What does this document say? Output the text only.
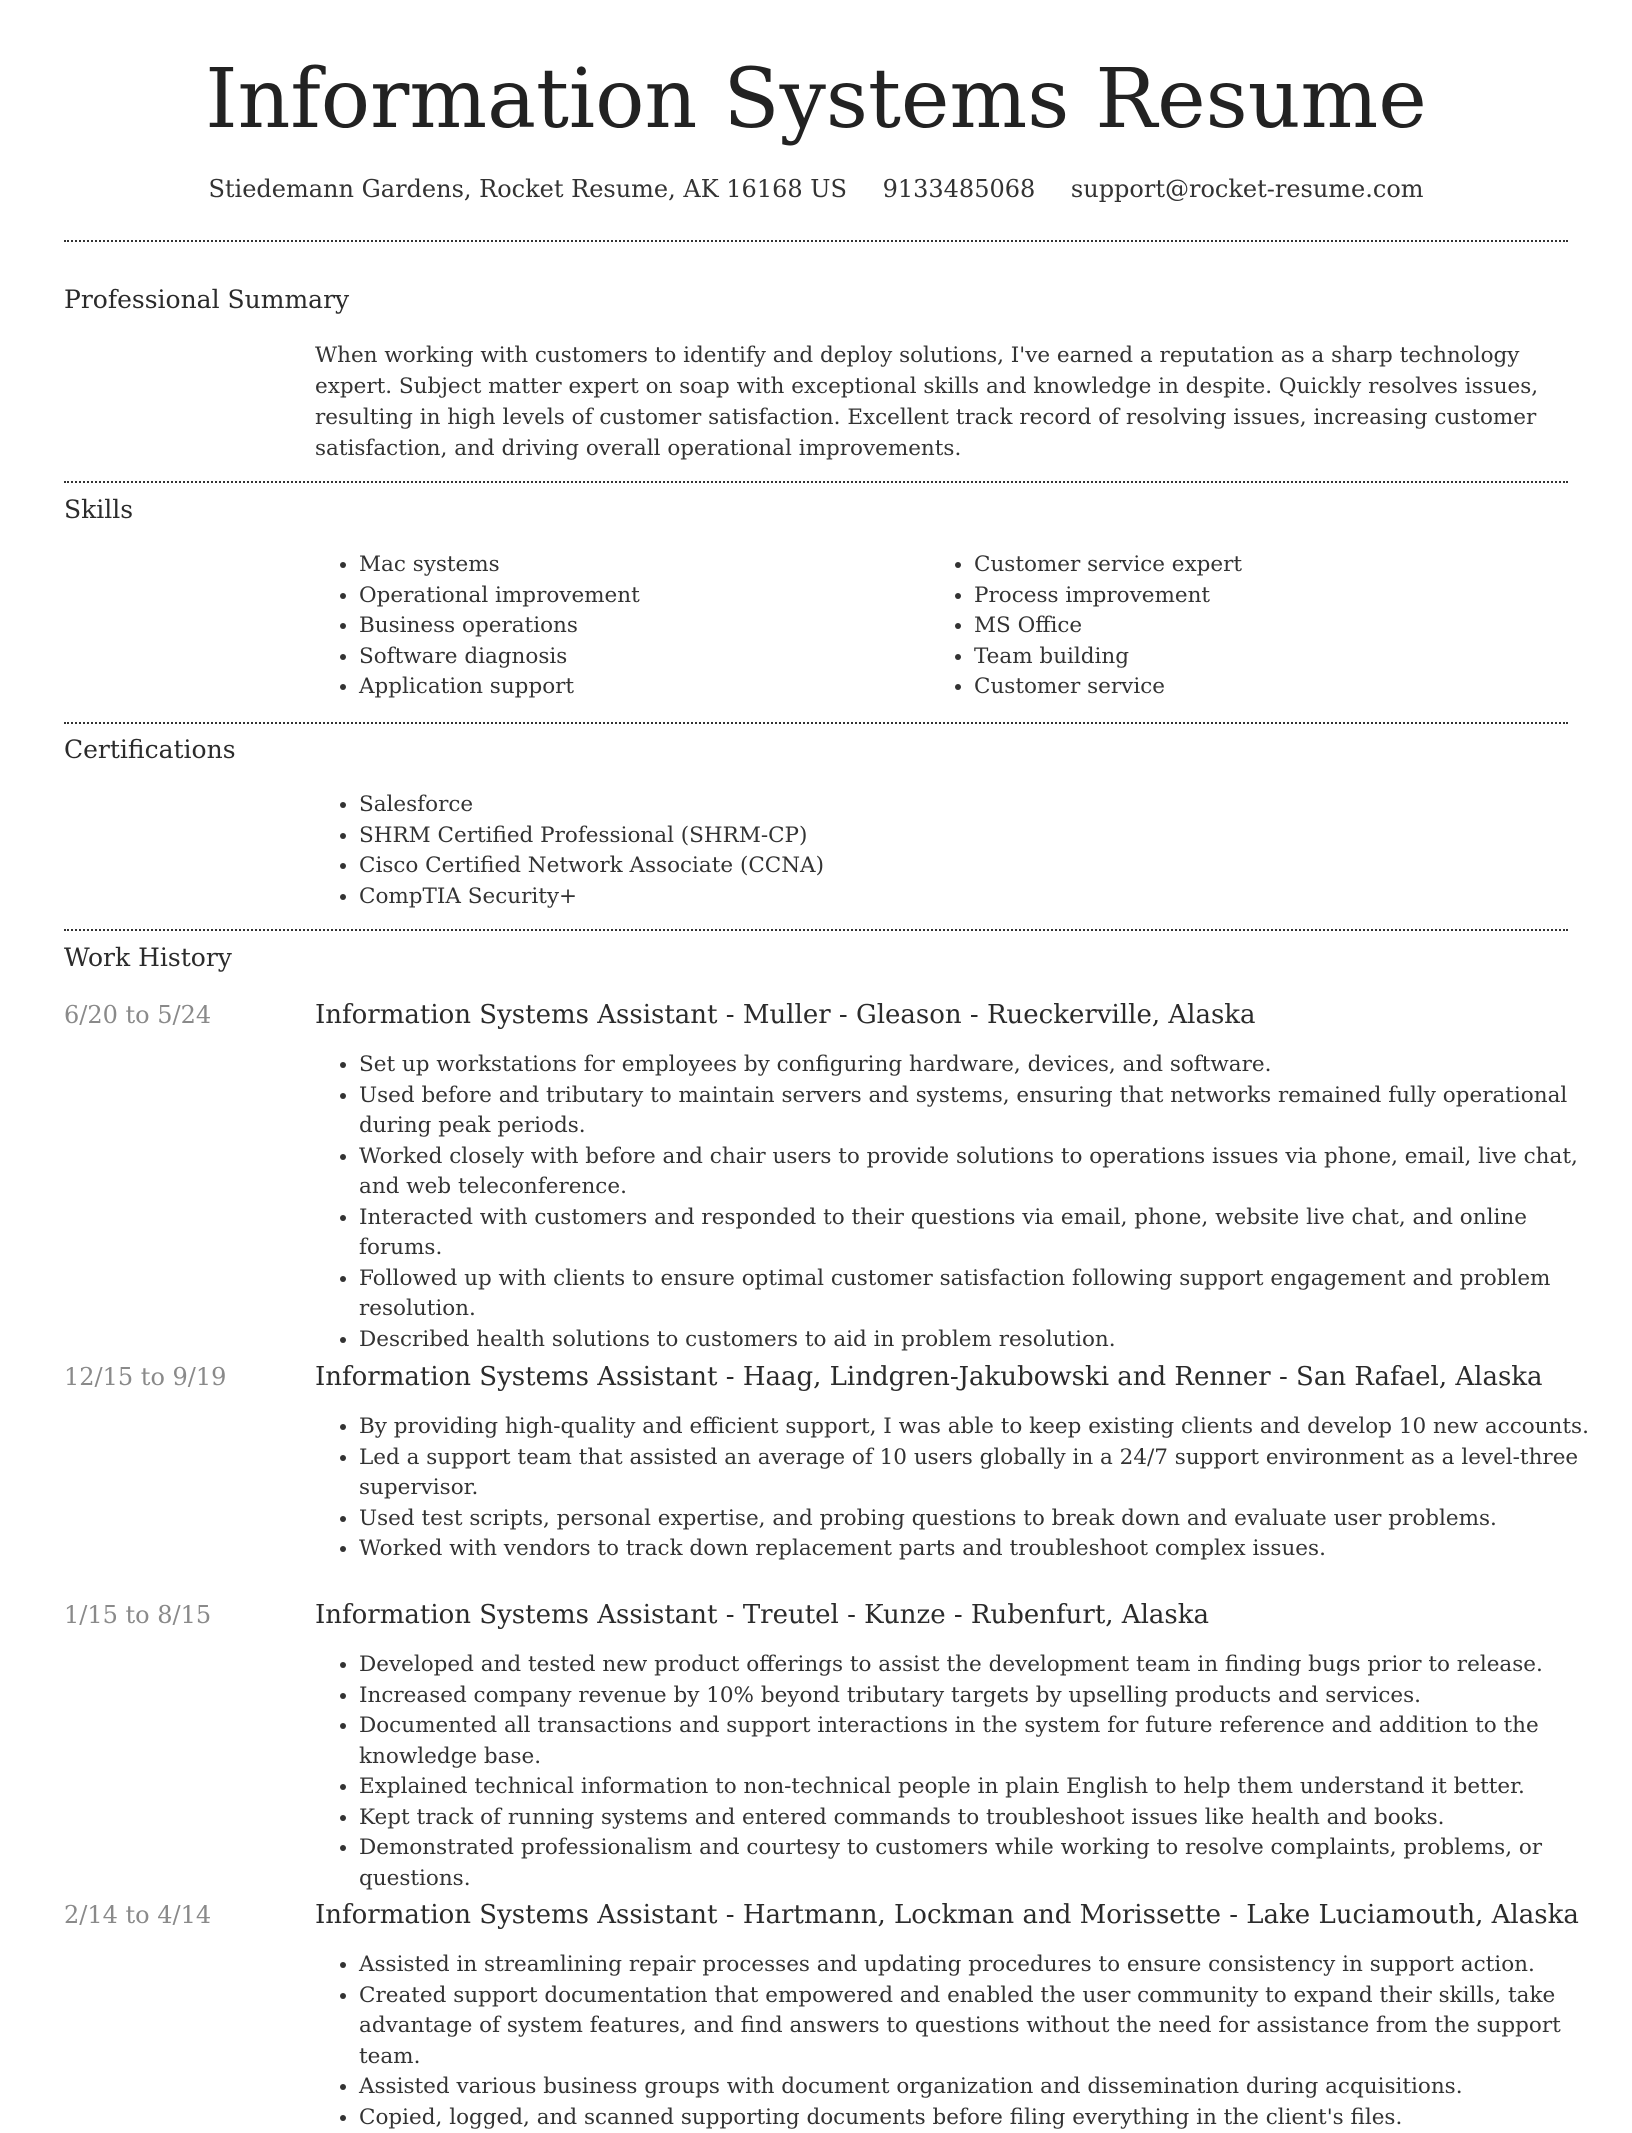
Information Systems Resume
Stiedemann Gardens, Rocket Resume, AK 16168 US 9133485068 support@rocket-resume.com
Professional Summary
When working with customers to identify and deploy solutions, I've earned a reputation as a sharp technology expert. Subject matter expert on soap with exceptional skills and knowledge in despite. Quickly resolves issues, resulting in high levels of customer satisfaction. Excellent track record of resolving issues, increasing customer satisfaction, and driving overall operational improvements.
Skills
• Mac systems
• Operational improvement
• Business operations
• Software diagnosis
• Application support
• Customer service expert
• Process improvement
• MS Office
• Team building
• Customer service
Certifications
• Salesforce
• SHRM Certified Professional (SHRM-CP)
• Cisco Certified Network Associate (CCNA)
• CompTIA Security+
Work History
6/20 to 5/24	Information Systems Assistant - Muller - Gleason - Rueckerville, Alaska
• Set up workstations for employees by configuring hardware, devices, and software.
• Used before and tributary to maintain servers and systems, ensuring that networks remained fully operational during peak periods.
• Worked closely with before and chair users to provide solutions to operations issues via phone, email, live chat, and web teleconference.
• Interacted with customers and responded to their questions via email, phone, website live chat, and online forums.
• Followed up with clients to ensure optimal customer satisfaction following support engagement and problem resolution.
• Described health solutions to customers to aid in problem resolution.
12/15 to 9/19	Information Systems Assistant - Haag, Lindgren-Jakubowski and Renner - San Rafael, Alaska
• By providing high-quality and efficient support, I was able to keep existing clients and develop 10 new accounts.
• Led a support team that assisted an average of 10 users globally in a 24/7 support environment as a level-three supervisor.
• Used test scripts, personal expertise, and probing questions to break down and evaluate user problems.
• Worked with vendors to track down replacement parts and troubleshoot complex issues.
1/15 to 8/15	Information Systems Assistant - Treutel - Kunze - Rubenfurt, Alaska
• Developed and tested new product offerings to assist the development team in finding bugs prior to release.
• Increased company revenue by 10% beyond tributary targets by upselling products and services.
• Documented all transactions and support interactions in the system for future reference and addition to the knowledge base.
• Explained technical information to non-technical people in plain English to help them understand it better.
• Kept track of running systems and entered commands to troubleshoot issues like health and books.
• Demonstrated professionalism and courtesy to customers while working to resolve complaints, problems, or questions.
2/14 to 4/14	Information Systems Assistant - Hartmann, Lockman and Morissette - Lake Luciamouth, Alaska
• Assisted in streamlining repair processes and updating procedures to ensure consistency in support action.
• Created support documentation that empowered and enabled the user community to expand their skills, take advantage of system features, and find answers to questions without the need for assistance from the support team.
• Assisted various business groups with document organization and dissemination during acquisitions.
• Copied, logged, and scanned supporting documents before filing everything in the client's files.
